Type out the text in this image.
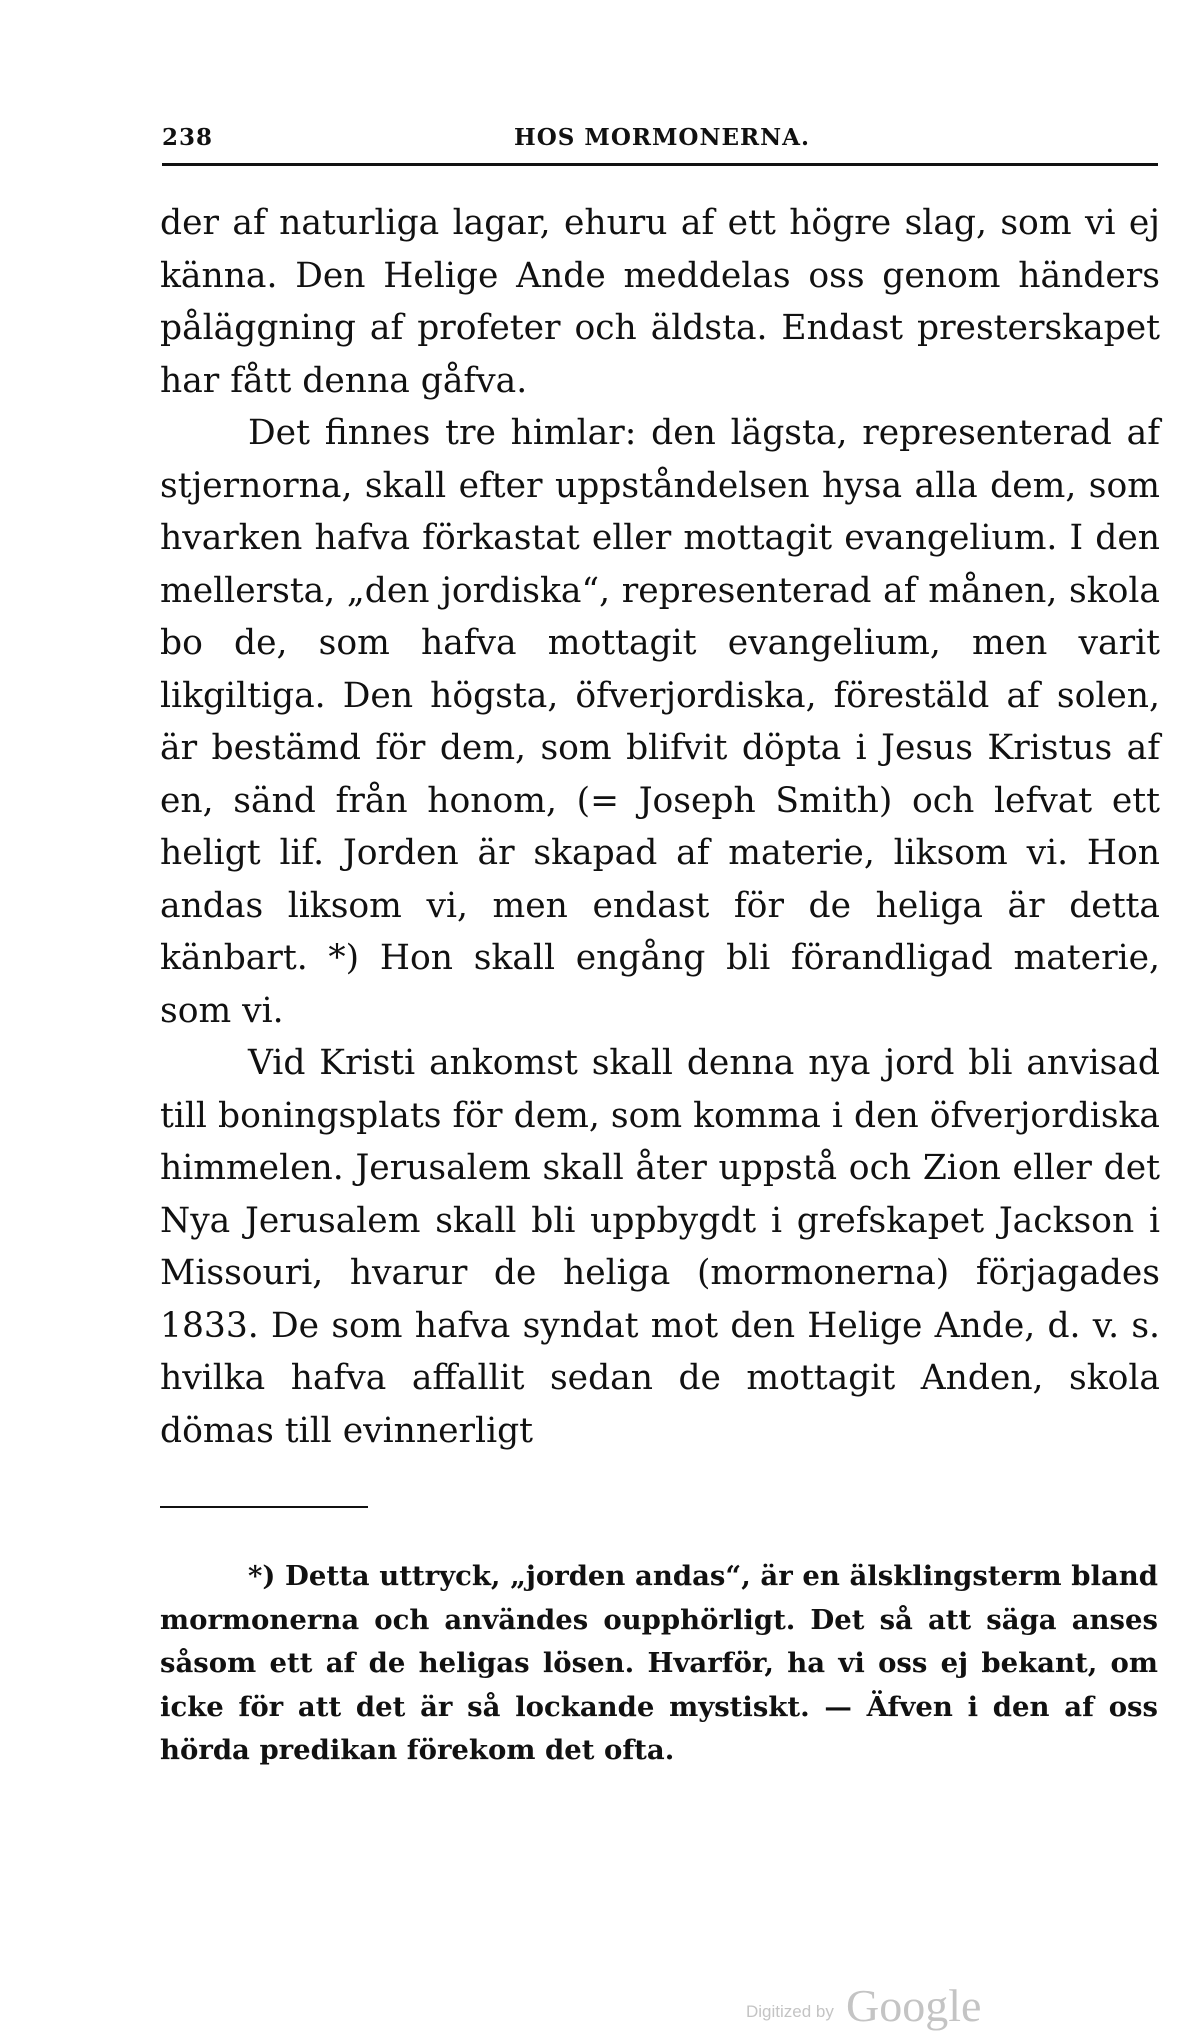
238	HOS MORMONERNA.

der af naturliga lagar, ehuru af ett högre slag, som vi ej känna. Den Helige Ande meddelas oss genom händers påläggning af profeter och äldsta. Endast presterskapet har fått denna gåfva.

Det finnes tre himlar: den lägsta, representerad af stjernorna, skall efter uppståndelsen hysa alla dem, som hvarken hafva förkastat eller mottagit evangelium. I den mellersta, „den jordiska“, representerad af månen, skola bo de, som hafva mottagit evangelium, men varit likgiltiga. Den högsta, öfverjordiska, förestäld af solen, är bestämd för dem, som blifvit döpta i Jesus Kristus af en, sänd från honom, (= Joseph Smith) och lefvat ett heligt lif. Jorden är skapad af materie, liksom vi. Hon andas liksom vi, men endast för de heliga är detta känbart. *) Hon skall engång bli förandligad materie, som vi.

Vid Kristi ankomst skall denna nya jord bli anvisad till boningsplats för dem, som komma i den öfverjordiska himmelen. Jerusalem skall åter uppstå och Zion eller det Nya Jerusalem skall bli uppbygdt i grefskapet Jackson i Missouri, hvarur de heliga (mormonerna) förjagades 1833. De som hafva syndat mot den Helige Ande, d. v. s. hvilka hafva affallit sedan de mottagit Anden, skola dömas till evinnerligt

*) Detta uttryck, „jorden andas“, är en älsklingsterm bland mormonerna och användes oupphörligt. Det så att säga anses såsom ett af de heligas lösen. Hvarför, ha vi oss ej bekant, om icke för att det är så lockande mystiskt. — Äfven i den af oss hörda predikan förekom det ofta.

Digitized by Google
